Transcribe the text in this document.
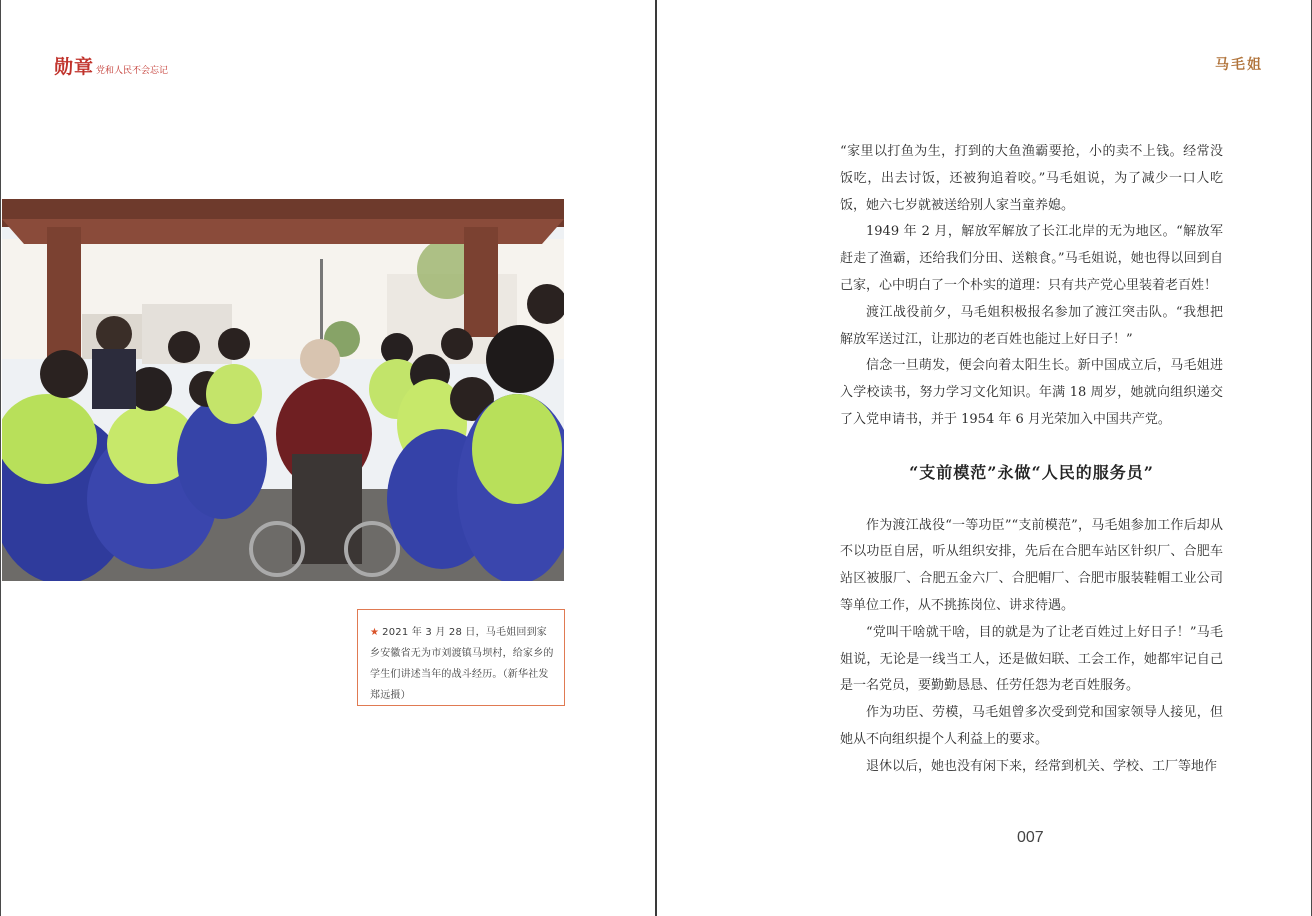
勋章 党和人民不会忘记
★ 2021 年 3 月 28 日，马毛姐回到家乡安徽省无为市刘渡镇马坝村，给家乡的学生们讲述当年的战斗经历。（新华社发　郑远摄）
马毛姐

“家里以打鱼为生，打到的大鱼渔霸要抢，小的卖不上钱。经常没饭吃，出去讨饭，还被狗追着咬。”马毛姐说，为了减少一口人吃饭，她六七岁就被送给别人家当童养媳。

1949 年 2 月，解放军解放了长江北岸的无为地区。“解放军赶走了渔霸，还给我们分田、送粮食。”马毛姐说，她也得以回到自己家，心中明白了一个朴实的道理：只有共产党心里装着老百姓！

渡江战役前夕，马毛姐积极报名参加了渡江突击队。“我想把解放军送过江，让那边的老百姓也能过上好日子！”

信念一旦萌发，便会向着太阳生长。新中国成立后，马毛姐进入学校读书，努力学习文化知识。年满 18 周岁，她就向组织递交了入党申请书，并于 1954 年 6 月光荣加入中国共产党。

“支前模范”永做“人民的服务员”

作为渡江战役“一等功臣”“支前模范”，马毛姐参加工作后却从不以功臣自居，听从组织安排，先后在合肥车站区针织厂、合肥车站区被服厂、合肥五金六厂、合肥帽厂、合肥市服装鞋帽工业公司等单位工作，从不挑拣岗位、讲求待遇。

“党叫干啥就干啥，目的就是为了让老百姓过上好日子！”马毛姐说，无论是一线当工人，还是做妇联、工会工作，她都牢记自己是一名党员，要勤勤恳恳、任劳任怨为老百姓服务。

作为功臣、劳模，马毛姐曾多次受到党和国家领导人接见，但她从不向组织提个人利益上的要求。

退休以后，她也没有闲下来，经常到机关、学校、工厂等地作

007
